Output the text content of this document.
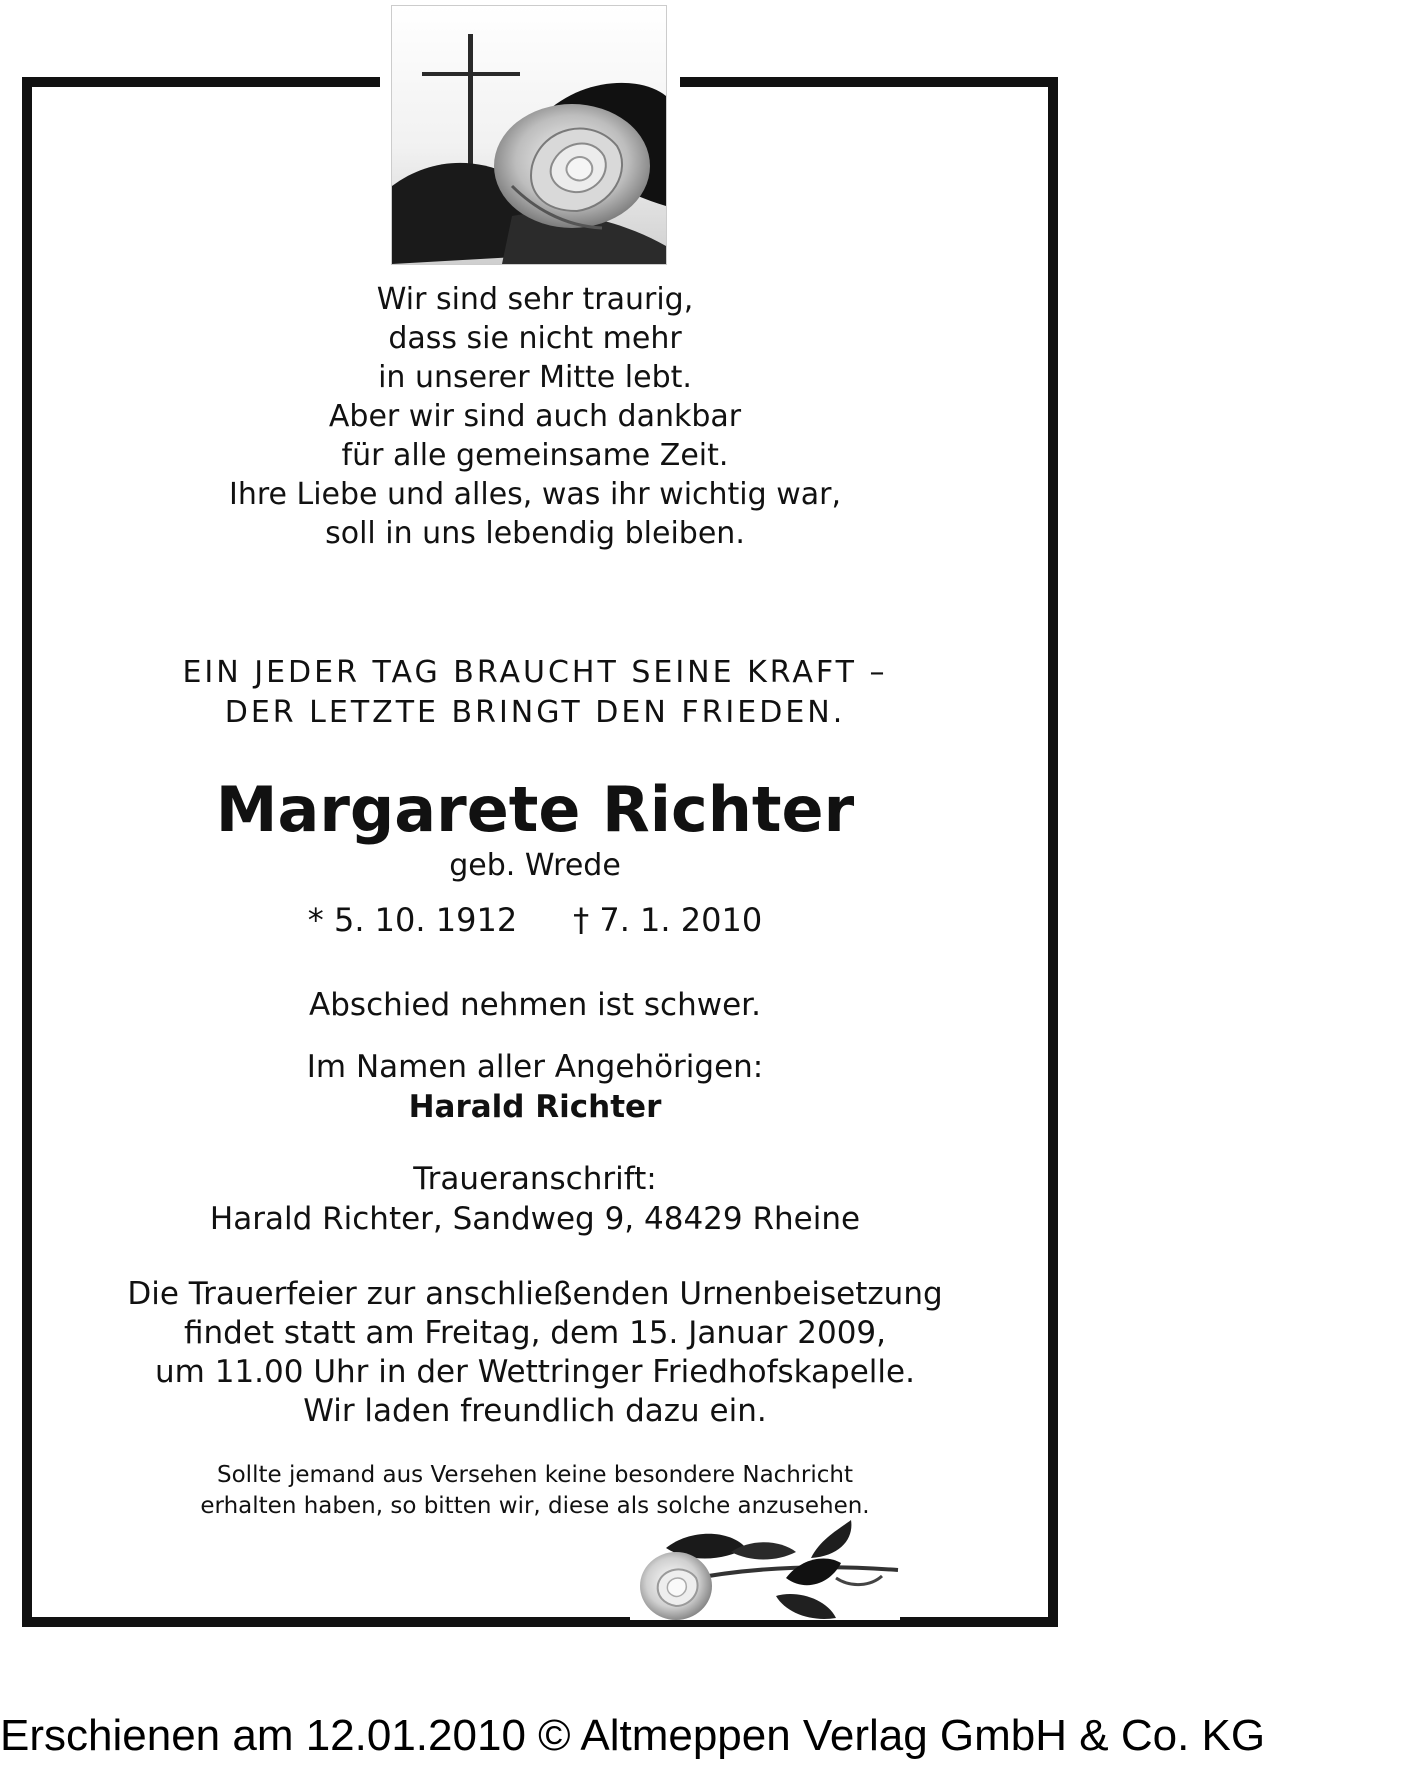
Wir sind sehr traurig,
dass sie nicht mehr
in unserer Mitte lebt.
Aber wir sind auch dankbar
für alle gemeinsame Zeit.
Ihre Liebe und alles, was ihr wichtig war,
soll in uns lebendig bleiben.
EIN JEDER TAG BRAUCHT SEINE KRAFT –
DER LETZTE BRINGT DEN FRIEDEN.
Margarete Richter
geb. Wrede
* 5. 10. 1912 † 7. 1. 2010
Abschied nehmen ist schwer.
Im Namen aller Angehörigen:
Harald Richter
Traueranschrift:
Harald Richter, Sandweg 9, 48429 Rheine
Die Trauerfeier zur anschließenden Urnenbeisetzung
findet statt am Freitag, dem 15. Januar 2009,
um 11.00 Uhr in der Wettringer Friedhofskapelle.
Wir laden freundlich dazu ein.
Sollte jemand aus Versehen keine besondere Nachricht
erhalten haben, so bitten wir, diese als solche anzusehen.
Erschienen am 12.01.2010 © Altmeppen Verlag GmbH & Co. KG
